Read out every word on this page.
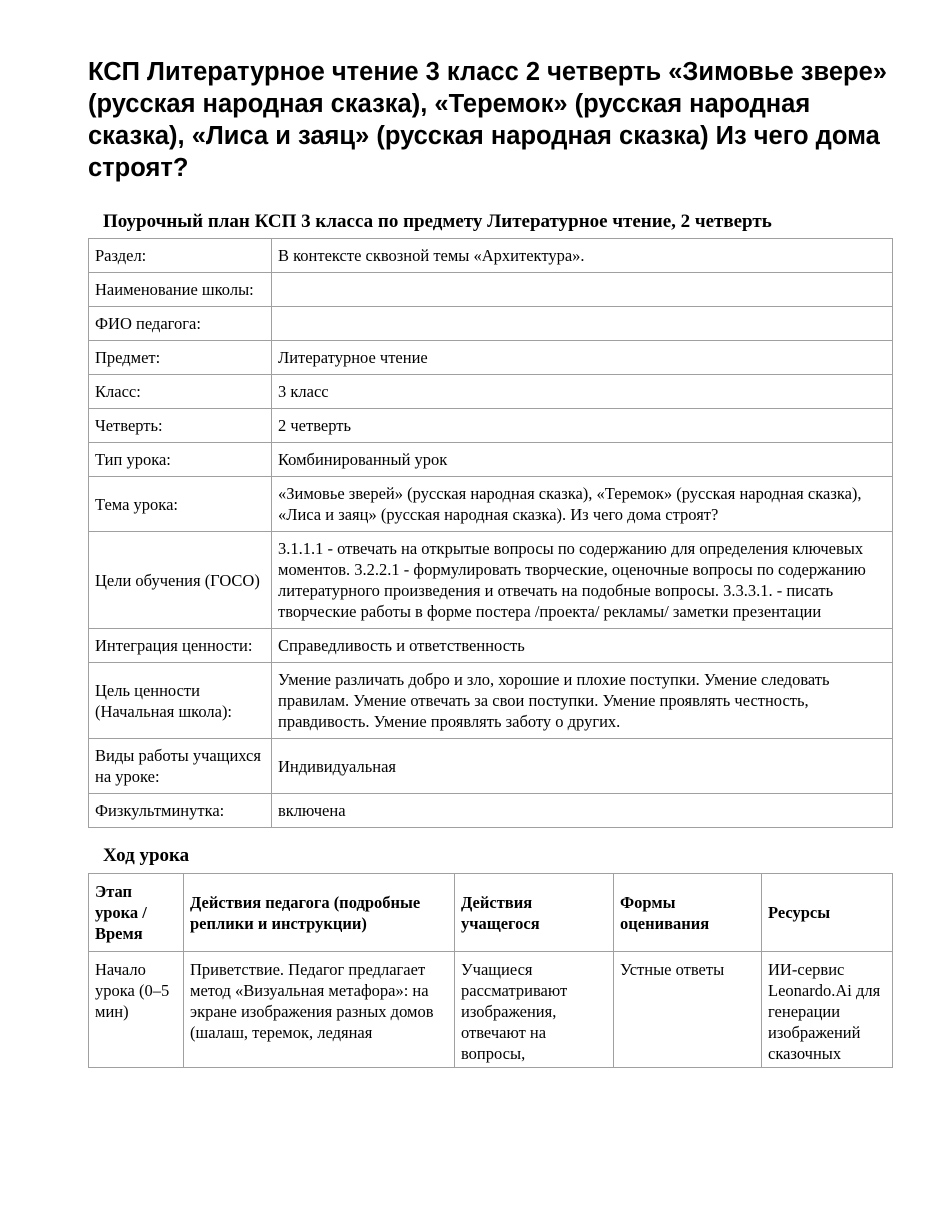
КСП Литературное чтение 3 класс 2 четверть «Зимовье звере» (русская народная сказка), «Теремок» (русская народная сказка), «Лиса и заяц» (русская народная сказка) Из чего дома строят?
Поурочный план КСП 3 класса по предмету Литературное чтение, 2 четверть
Раздел:	В контексте сквозной темы «Архитектура».
Наименование школы:	
ФИО педагога:	
Предмет:	Литературное чтение
Класс:	3 класс
Четверть:	2 четверть
Тип урока:	Комбинированный урок
Тема урока:	«Зимовье зверей» (русская народная сказка), «Теремок» (русская народная сказка), «Лиса и заяц» (русская народная сказка). Из чего дома строят?
Цели обучения (ГОСО)	3.1.1.1 - отвечать на открытые вопросы по содержанию для определения ключевых моментов. 3.2.2.1 - формулировать творческие, оценочные вопросы по содержанию литературного произведения и отвечать на подобные вопросы. 3.3.3.1. - писать творческие работы в форме постера /проекта/ рекламы/ заметки презентации
Интеграция ценности:	Справедливость и ответственность
Цель ценности (Начальная школа):	Умение различать добро и зло, хорошие и плохие поступки. Умение следовать правилам. Умение отвечать за свои поступки. Умение проявлять честность, правдивость. Умение проявлять заботу о других.
Виды работы учащихся на уроке:	Индивидуальная
Физкультминутка:	включена
Ход урока
Этап урока / Время	Действия педагога (подробные реплики и инструкции)	Действия учащегося	Формы оценивания	Ресурсы
Начало урока (0–5 мин)	Приветствие. Педагог предлагает метод «Визуальная метафора»: на экране изображения разных домов (шалаш, теремок, ледяная	Учащиеся рассматривают изображения, отвечают на вопросы,	Устные ответы	ИИ-сервис Leonardo.Ai для генерации изображений сказочных
